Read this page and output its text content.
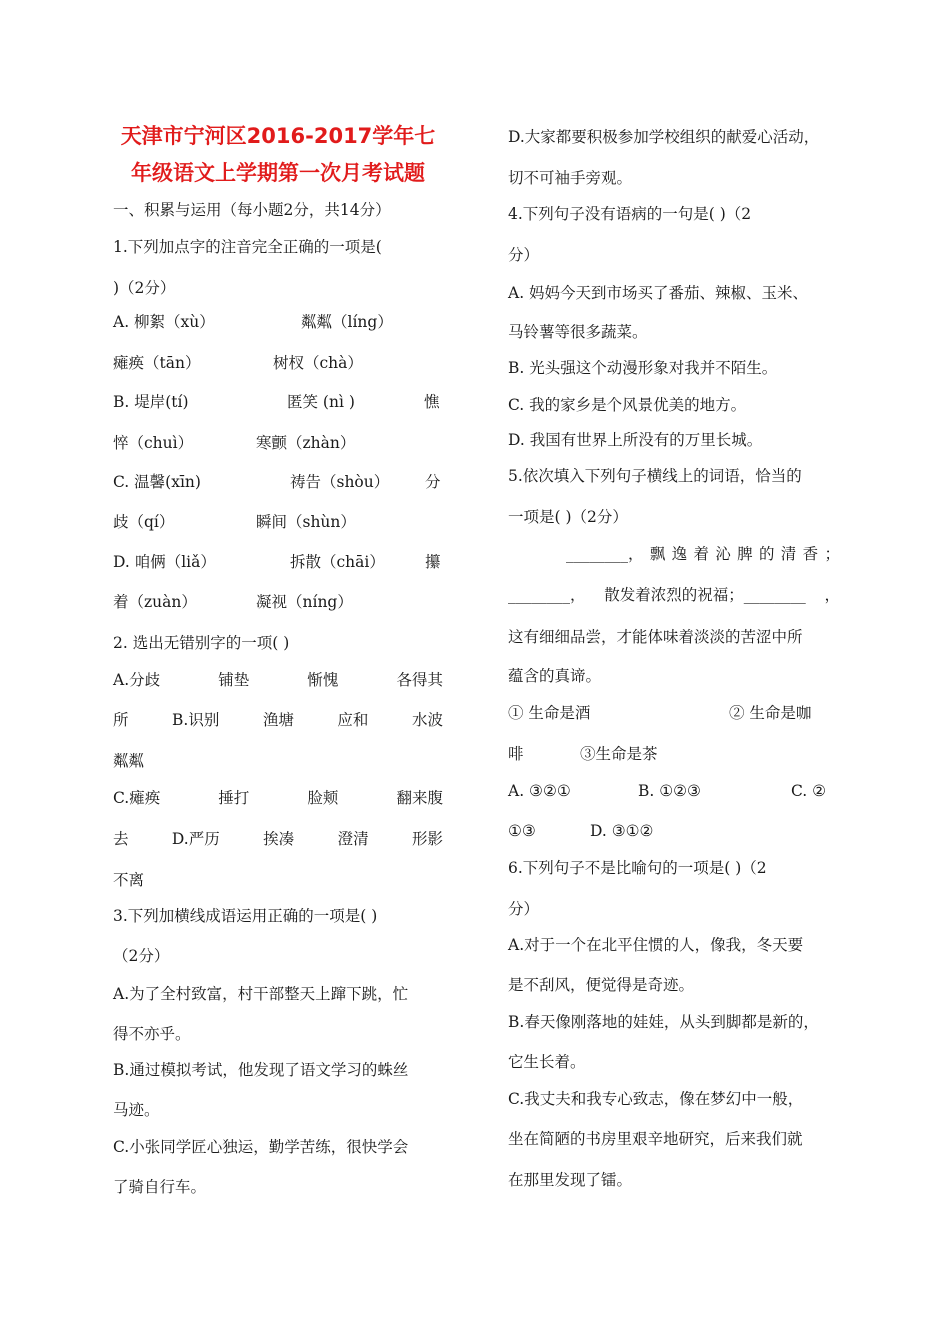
天津市宁河区2016-2017学年七
年级语文上学期第一次月考试题
一、积累与运用（每小题2分，共14分）
1.下列加点字的注音完全正确的一项是(
)（2分）
A. 柳絮（xù）	粼粼（líng）
瘫痪（tān）	树杈（chà）
B. 堤岸(tí)	匿笑 (nì )	憔
悴（chuì）	寒颤（zhàn）
C. 温馨(xīn)	祷告（shòu）	分
歧（qí）	瞬间（shùn）
D. 咱俩（liǎ）	拆散（chāi）	攥
着（zuàn）	凝视（níng）
2. 选出无错别字的一项( )
A.分歧	铺垫	惭愧	各得其
所	B.识别	渔塘	应和	水波
粼粼
C.瘫痪	捶打	脸颊	翻来腹
去	D.严历	挨凑	澄清	形影
不离
3.下列加横线成语运用正确的一项是( )
（2分）
A.为了全村致富，村干部整天上蹿下跳，忙
得不亦乎。
B.通过模拟考试，他发现了语文学习的蛛丝
马迹。
C.小张同学匠心独运，勤学苦练，很快学会
了骑自行车。
D.大家都要积极参加学校组织的献爱心活动，
切不可袖手旁观。
4.下列句子没有语病的一句是( )（2
分）
A. 妈妈今天到市场买了番茄、辣椒、玉米、
马铃薯等很多蔬菜。
B. 光头强这个动漫形象对我并不陌生。
C. 我的家乡是个风景优美的地方。
D. 我国有世界上所没有的万里长城。
5.依次填入下列句子横线上的词语，恰当的
一项是( )（2分）
________， 飘 逸 着 沁 脾 的 清 香 ；
________， 散发着浓烈的祝福；________ ，
这有细细品尝，才能体味着淡淡的苦涩中所
蕴含的真谛。
① 生命是酒	② 生命是咖
啡	③生命是茶
A. ③②①	B. ①②③	C. ②
①③           D. ③①②
6.下列句子不是比喻句的一项是( )（2
分）
A.对于一个在北平住惯的人，像我，冬天要
是不刮风，便觉得是奇迹。
B.春天像刚落地的娃娃，从头到脚都是新的，
它生长着。
C.我丈夫和我专心致志，像在梦幻中一般，
坐在简陋的书房里艰辛地研究，后来我们就
在那里发现了镭。
